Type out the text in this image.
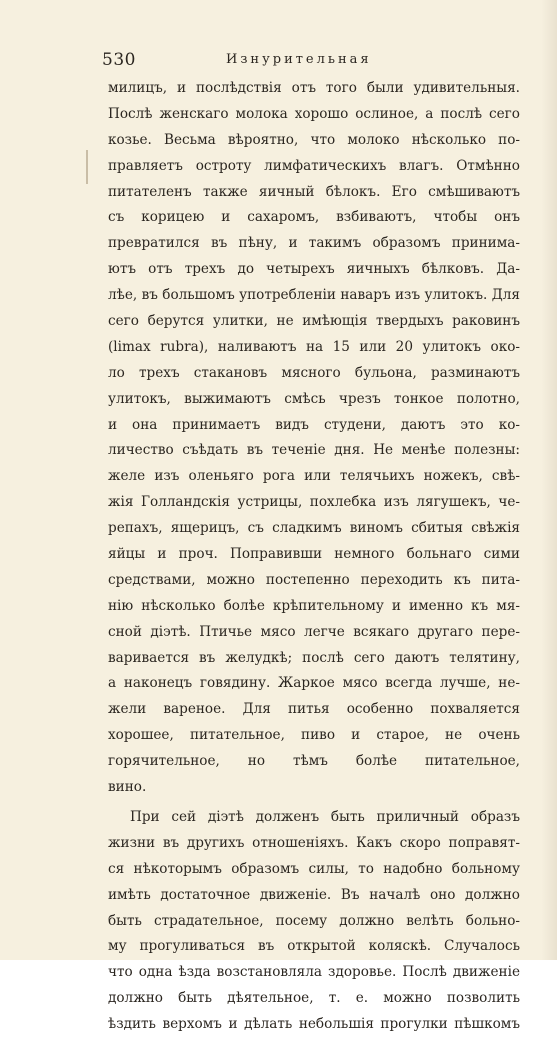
530	Изнурительная
милицъ, и послѣдствія отъ того были удивительныя.
Послѣ женскаго молока хорошо ослиное, а послѣ сего
козье. Весьма вѣроятно, что молоко нѣсколько по-
правляетъ остроту лимфатическихъ влагъ. Отмѣнно
питателенъ также яичный бѣлокъ. Его смѣшиваютъ
съ корицею и сахаромъ, взбиваютъ, чтобы онъ
превратился въ пѣну, и такимъ образомъ принима-
ютъ отъ трехъ до четырехъ яичныхъ бѣлковъ. Да-
лѣе, въ большомъ употребленіи наваръ изъ улитокъ. Для
сего берутся улитки, не имѣющія твердыхъ раковинъ
(limax rubra), наливаютъ на 15 или 20 улитокъ око-
ло трехъ стакановъ мясного бульона, разминаютъ
улитокъ, выжимаютъ смѣсь чрезъ тонкое полотно,
и она принимаетъ видъ студени, даютъ это ко-
личество съѣдать въ теченіе дня. Не менѣе полезны:
желе изъ оленьяго рога или телячьихъ ножекъ, свѣ-
жія Голландскія устрицы, похлебка изъ лягушекъ, че-
репахъ, ящерицъ, съ сладкимъ виномъ сбитыя свѣжія
яйцы и проч. Поправивши немного больнаго сими
средствами, можно постепенно переходить къ пита-
нію нѣсколько болѣе крѣпительному и именно къ мя-
сной діэтѣ. Птичье мясо легче всякаго другаго пере-
варивается въ желудкѣ; послѣ сего даютъ телятину,
а наконецъ говядину. Жаркое мясо всегда лучше, не-
жели вареное. Для питья особенно похваляется
хорошее, питательное, пиво и старое, не очень
горячительное, но тѣмъ болѣе питательное,
вино.
При сей діэтѣ долженъ быть приличный образъ
жизни въ другихъ отношеніяхъ. Какъ скоро поправят-
ся нѣкоторымъ образомъ силы, то надобно больному
имѣть достаточное движеніе. Въ началѣ оно должно
быть страдательное, посему должно велѣть больно-
му прогуливаться въ открытой коляскѣ. Случалось
что одна ѣзда возстановляла здоровье. Послѣ движеніе
должно быть дѣятельное, т. е. можно позволить
ѣздить верхомъ и дѣлать небольшія прогулки пѣшкомъ
